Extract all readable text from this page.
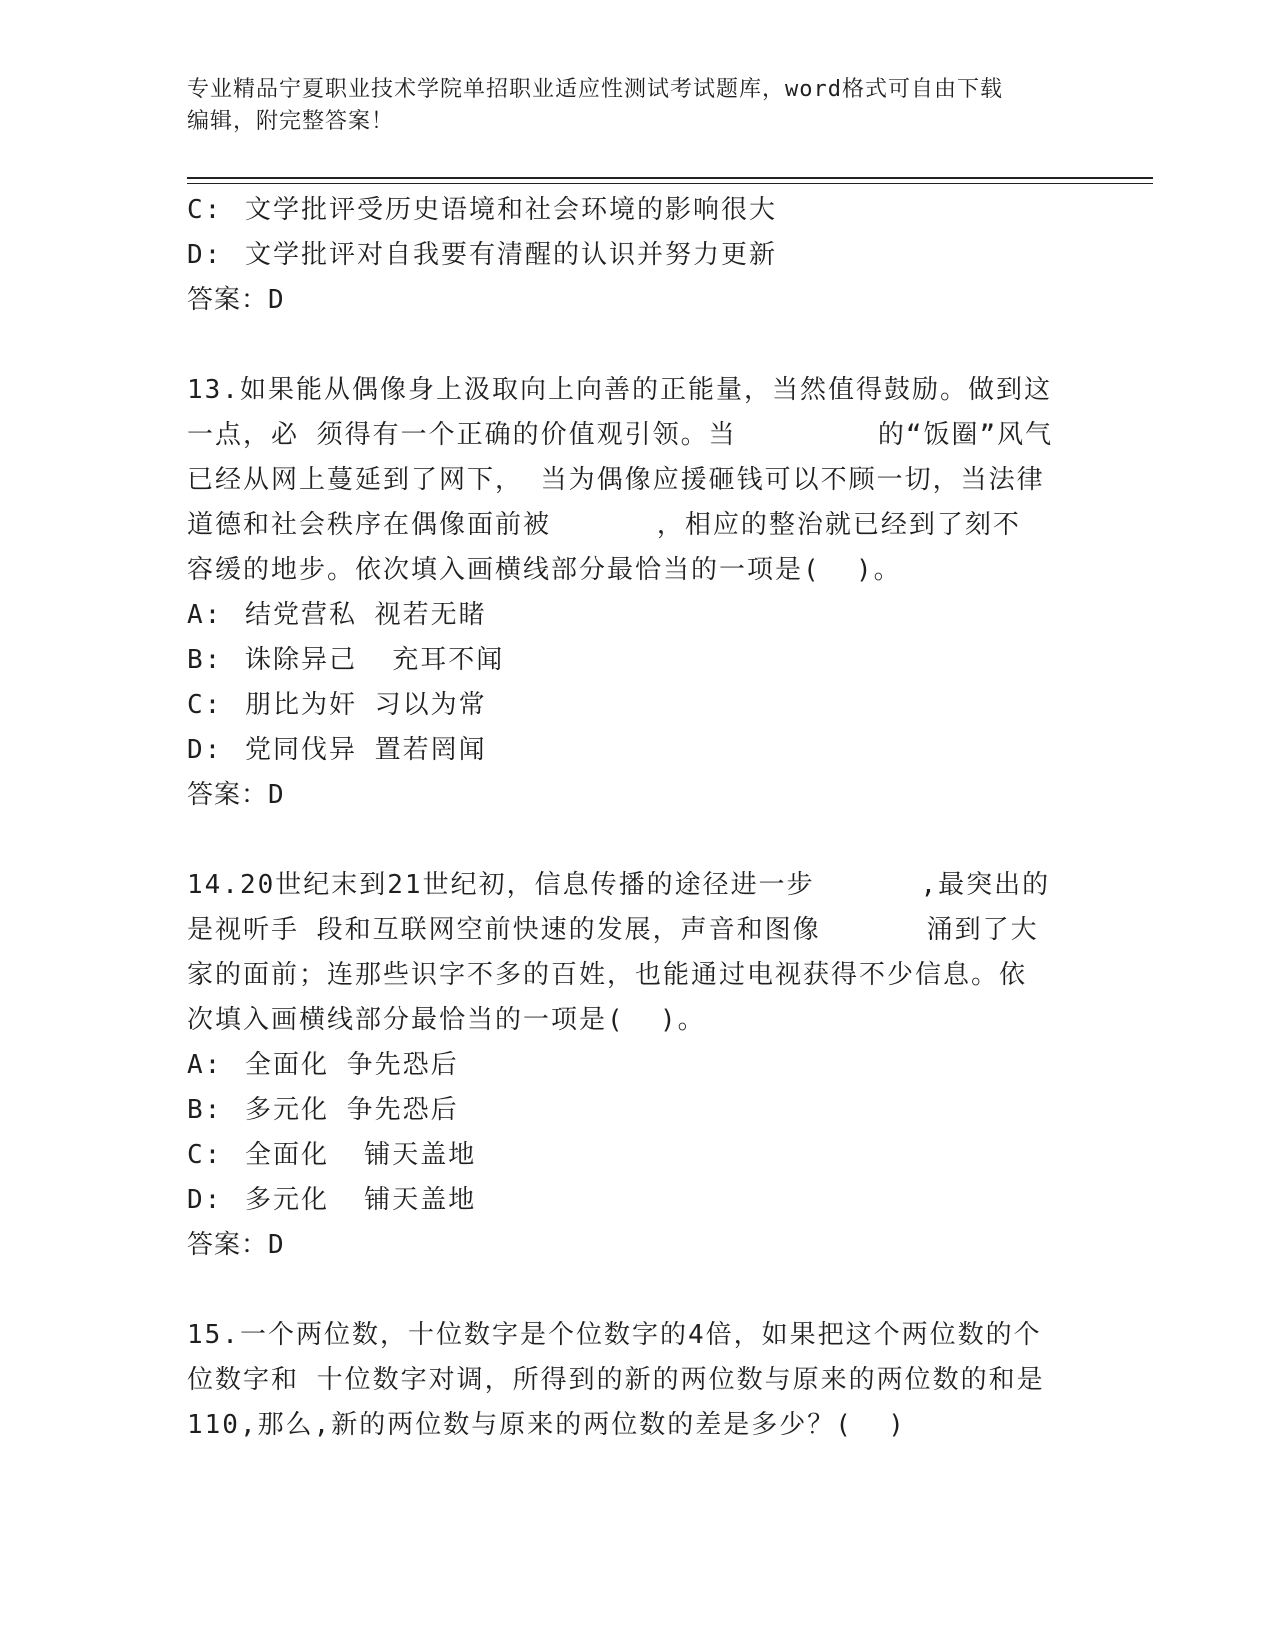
专业精品宁夏职业技术学院单招职业适应性测试考试题库，word格式可自由下载
编辑，附完整答案！
C: 文学批评受历史语境和社会环境的影响很大
D: 文学批评对自我要有清醒的认识并努力更新
答案：D
13.如果能从偶像身上汲取向上向善的正能量，当然值得鼓励。做到这
一点，必 须得有一个正确的价值观引领。当        的“饭圈”风气
已经从网上蔓延到了网下， 当为偶像应援砸钱可以不顾一切，当法律
道德和社会秩序在偶像面前被      ，相应的整治就已经到了刻不
容缓的地步。依次填入画横线部分最恰当的一项是(  )。
A: 结党营私 视若无睹
B: 诛除异己  充耳不闻
C: 朋比为奸 习以为常
D: 党同伐异 置若罔闻
答案：D
14.20世纪末到21世纪初，信息传播的途径进一步      ,最突出的
是视听手 段和互联网空前快速的发展，声音和图像      涌到了大
家的面前；连那些识字不多的百姓，也能通过电视获得不少信息。依
次填入画横线部分最恰当的一项是(  )。
A: 全面化 争先恐后
B: 多元化 争先恐后
C: 全面化  铺天盖地
D: 多元化  铺天盖地
答案：D
15.一个两位数，十位数字是个位数字的4倍，如果把这个两位数的个
位数字和 十位数字对调，所得到的新的两位数与原来的两位数的和是
110,那么,新的两位数与原来的两位数的差是多少？(  )
